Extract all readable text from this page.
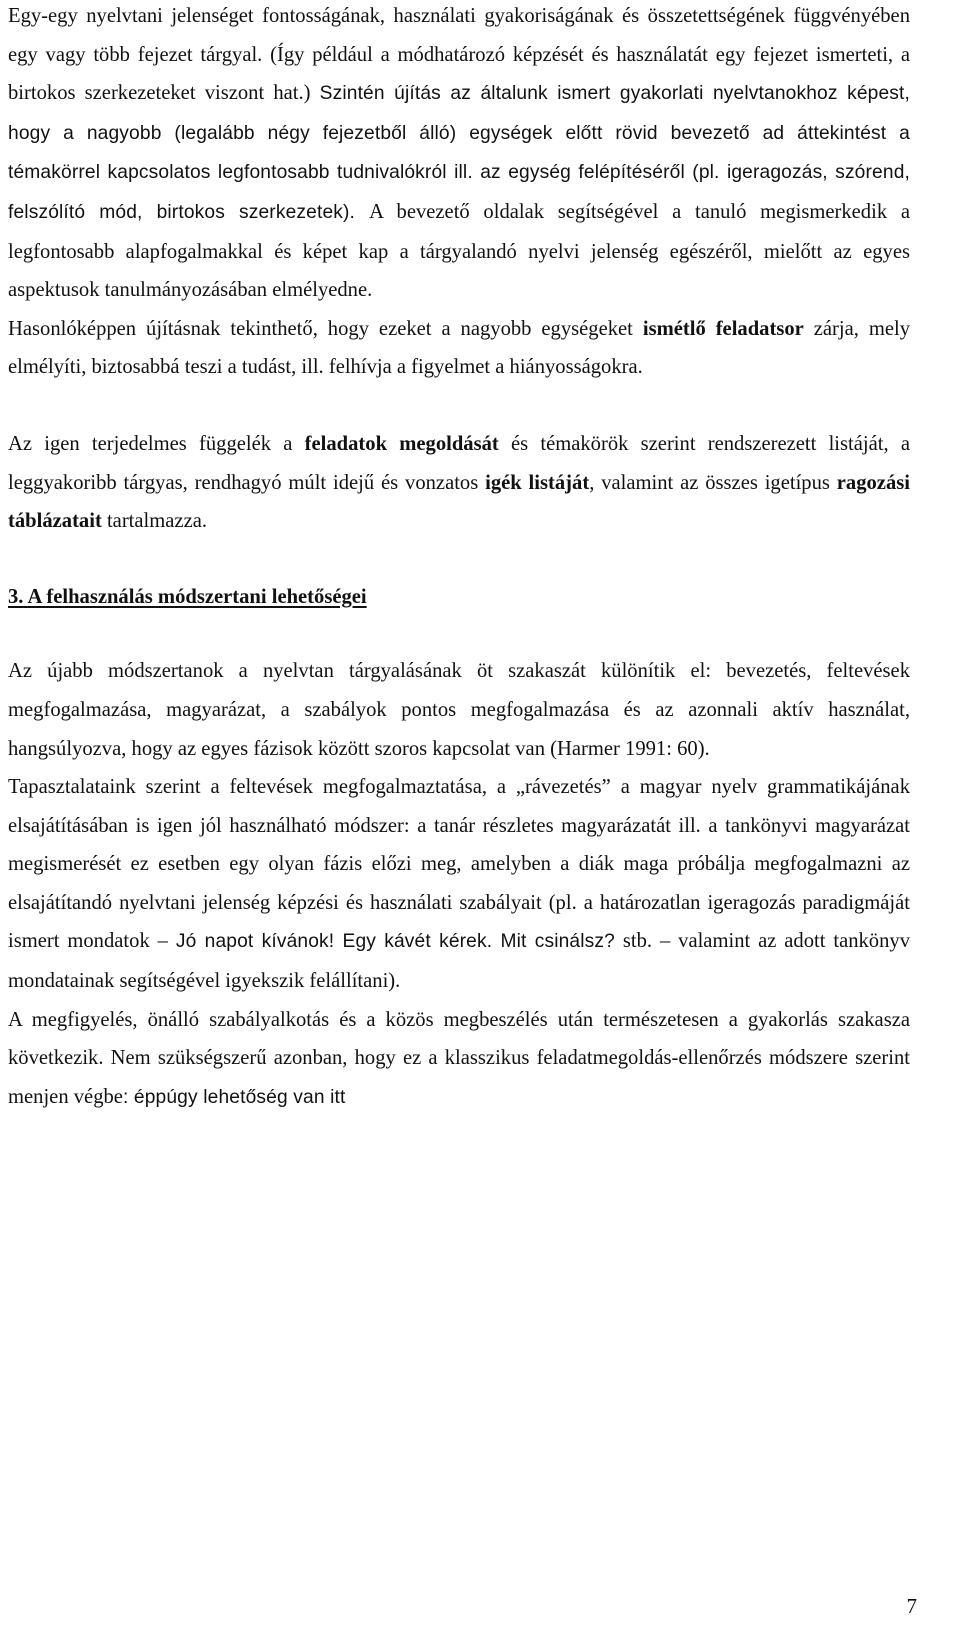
Egy-egy nyelvtani jelenséget fontosságának, használati gyakoriságának és összetettségének függvényében egy vagy több fejezet tárgyal. (Így például a módhatározó képzését és használatát egy fejezet ismerteti, a birtokos szerkezeteket viszont hat.) Szintén újítás az általunk ismert gyakorlati nyelvtanokhoz képest, hogy a nagyobb (legalább négy fejezetből álló) egységek előtt rövid bevezető ad áttekintést a témakörrel kapcsolatos legfontosabb tudnivalókról ill. az egység felépítéséről (pl. igeragozás, szórend, felszólító mód, birtokos szerkezetek). A bevezető oldalak segítségével a tanuló megismerkedik a legfontosabb alapfogalmakkal és képet kap a tárgyalandó nyelvi jelenség egészéről, mielőtt az egyes aspektusok tanulmányozásában elmélyedne.

Hasonlóképpen újításnak tekinthető, hogy ezeket a nagyobb egységeket ismétlő feladatsor zárja, mely elmélyíti, biztosabbá teszi a tudást, ill. felhívja a figyelmet a hiányosságokra.

Az igen terjedelmes függelék a feladatok megoldását és témakörök szerint rendszerezett listáját, a leggyakoribb tárgyas, rendhagyó múlt idejű és vonzatos igék listáját, valamint az összes igetípus ragozási táblázatait tartalmazza.

3. A felhasználás módszertani lehetőségei

Az újabb módszertanok a nyelvtan tárgyalásának öt szakaszát különítik el: bevezetés, feltevések megfogalmazása, magyarázat, a szabályok pontos megfogalmazása és az azonnali aktív használat, hangsúlyozva, hogy az egyes fázisok között szoros kapcsolat van (Harmer 1991: 60).

Tapasztalataink szerint a feltevések megfogalmaztatása, a „rávezetés” a magyar nyelv grammatikájának elsajátításában is igen jól használható módszer: a tanár részletes magyarázatát ill. a tankönyvi magyarázat megismerését ez esetben egy olyan fázis előzi meg, amelyben a diák maga próbálja megfogalmazni az elsajátítandó nyelvtani jelenség képzési és használati szabályait (pl. a határozatlan igeragozás paradigmáját ismert mondatok – Jó napot kívánok! Egy kávét kérek. Mit csinálsz? stb. – valamint az adott tankönyv mondatainak segítségével igyekszik felállítani).

A megfigyelés, önálló szabályalkotás és a közös megbeszélés után természetesen a gyakorlás szakasza következik. Nem szükségszerű azonban, hogy ez a klasszikus feladatmegoldás-ellenőrzés módszere szerint menjen végbe: éppúgy lehetőség van itt

7
